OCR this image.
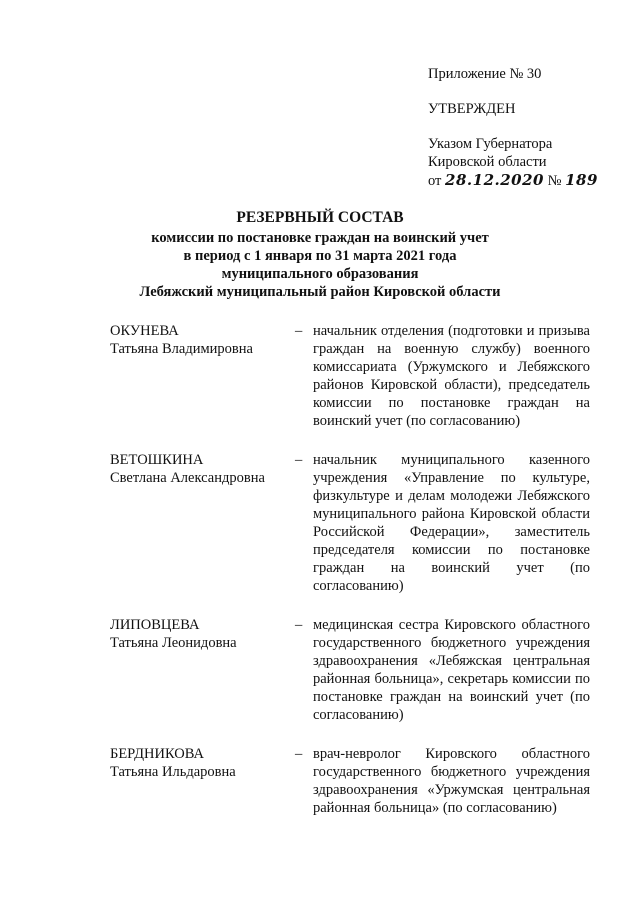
Приложение № 30
УТВЕРЖДЕН
Указом Губернатора
Кировской области
от 28.12.2020 № 189
РЕЗЕРВНЫЙ СОСТАВ
комиссии по постановке граждан на воинский учет
в период с 1 января по 31 марта 2021 года
муниципального образования
Лебяжский муниципальный район Кировской области
ОКУНЕВА
Татьяна Владимировна
– начальник отделения (подготовки и призыва граждан на военную службу) военного комиссариата (Уржумского и Лебяжского районов Кировской области), председатель комиссии по постановке граждан на воинский учет (по согласованию)
ВЕТОШКИНА
Светлана Александровна
– начальник муниципального казенного учреждения «Управление по культуре, физкультуре и делам молодежи Лебяжского муниципального района Кировской области Российской Федерации», заместитель председателя комиссии по постановке граждан на воинский учет (по согласованию)
ЛИПОВЦЕВА
Татьяна Леонидовна
– медицинская сестра Кировского областного государственного бюджетного учреждения здравоохранения «Лебяжская центральная районная больница», секретарь комиссии по постановке граждан на воинский учет (по согласованию)
БЕРДНИКОВА
Татьяна Ильдаровна
– врач-невролог Кировского областного государственного бюджетного учреждения здравоохранения «Уржумская центральная районная больница» (по согласованию)
